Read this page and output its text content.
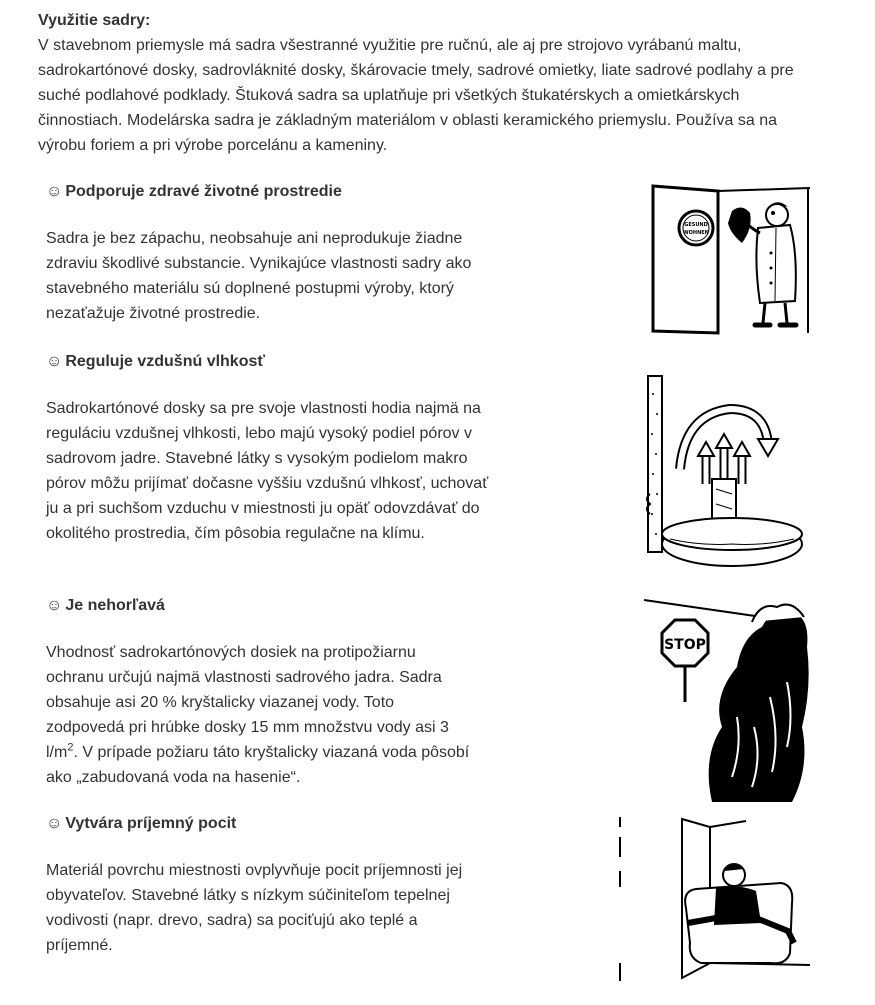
Využitie sadry:

V stavebnom priemysle má sadra všestranné využitie pre ručnú, ale aj pre strojovo vyrábanú maltu, sadrokartónové dosky, sadrovláknité dosky, škárovacie tmely, sadrové omietky, liate sadrové podlahy a pre suché podlahové podklady. Štuková sadra sa uplatňuje pri všetkých štukatérskych a omietkárskych činnostiach. Modelárska sadra je základným materiálom v oblasti keramického priemyslu. Používa sa na výrobu foriem a pri výrobe porcelánu a kameniny.

☺ Podporuje zdravé životné prostredie

Sadra je bez zápachu, neobsahuje ani neprodukuje žiadne zdraviu škodlivé substancie. Vynikajúce vlastnosti sadry ako stavebného materiálu sú doplnené postupmi výroby, ktorý nezaťažuje životné prostredie.

☺ Reguluje vzdušnú vlhkosť

Sadrokartónové dosky sa pre svoje vlastnosti hodia najmä na reguláciu vzdušnej vlhkosti, lebo majú vysoký podiel pórov v sadrovom jadre. Stavebné látky s vysokým podielom makro pórov môžu prijímať dočasne vyššiu vzdušnú vlhkosť, uchovať ju a pri suchšom vzduchu v miestnosti ju opäť odovzdávať do okolitého prostredia, čím pôsobia regulačne na klímu.

☺ Je nehorľavá

Vhodnosť sadrokartónových dosiek na protipožiarnu ochranu určujú najmä vlastnosti sadrového jadra. Sadra obsahuje asi 20 % kryštalicky viazanej vody. Toto zodpovedá pri hrúbke dosky 15 mm množstvu vody asi 3 $l/m^2$. V prípade požiaru táto kryštalicky viazaná voda pôsobí ako „zabudovaná voda na hasenie“.

☺ Vytvára príjemný pocit

Materiál povrchu miestnosti ovplyvňuje pocit príjemnosti jej obyvateľov. Stavebné látky s nízkym súčiniteľom tepelnej vodivosti (napr. drevo, sadra) sa pociťujú ako teplé a príjemné.

GESUND
WOHNEN
STOP
